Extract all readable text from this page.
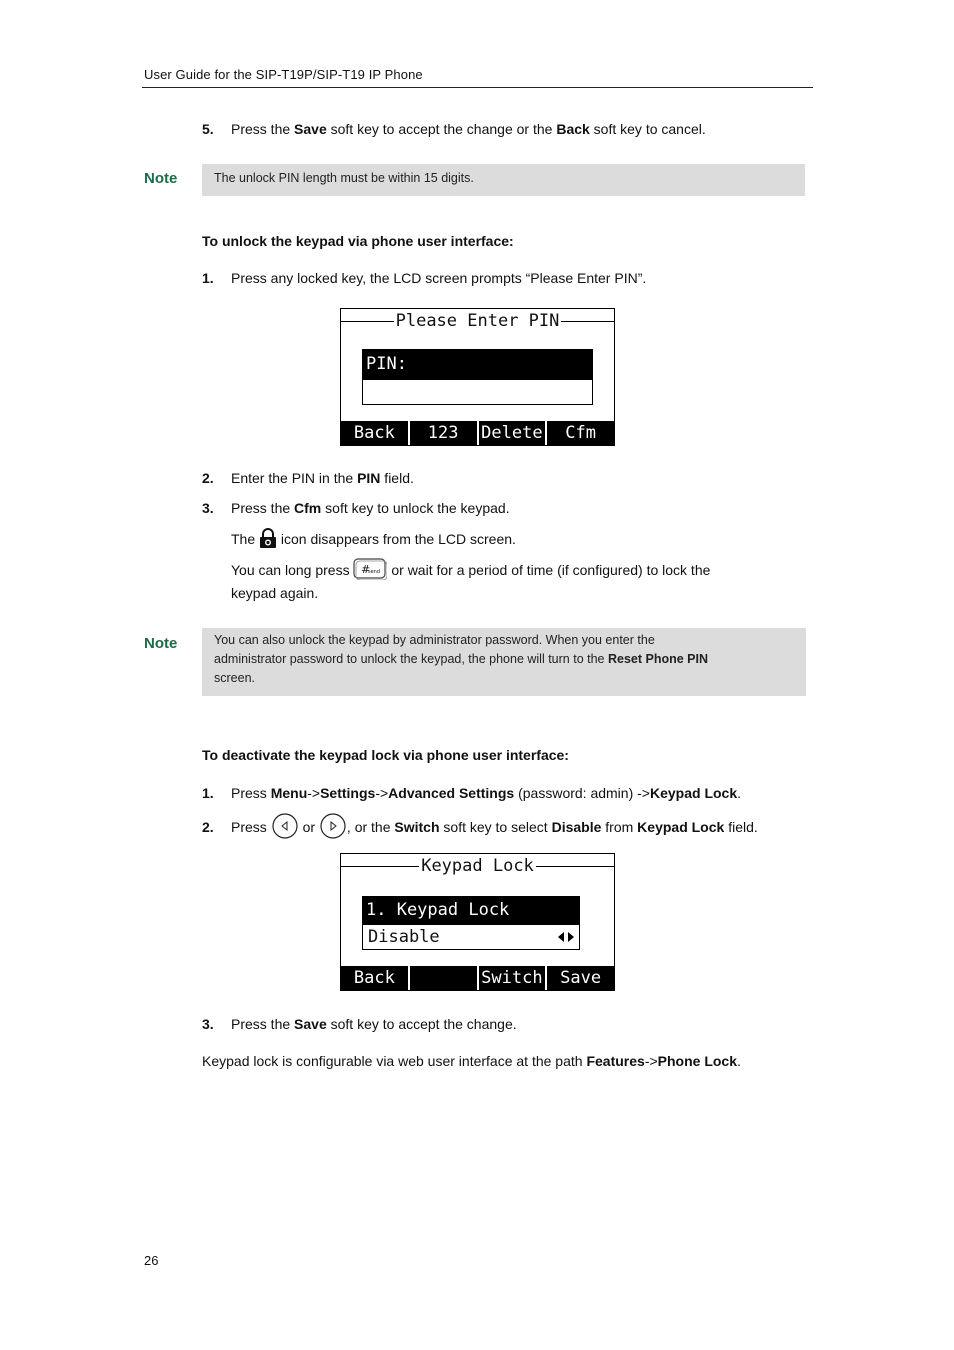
User Guide for the SIP-T19P/SIP-T19 IP Phone
5. Press the Save soft key to accept the change or the Back soft key to cancel.
Note	The unlock PIN length must be within 15 digits.
To unlock the keypad via phone user interface:
1. Press any locked key, the LCD screen prompts “Please Enter PIN”.
Please Enter PIN
PIN:
Back	123	Delete	Cfm
2. Enter the PIN in the PIN field.
3. Press the Cfm soft key to unlock the keypad.
The  icon disappears from the LCD screen.
You can long press #
send or wait for a period of time (if configured) to lock the
keypad again.
Note	You can also unlock the keypad by administrator password. When you enter the
administrator password to unlock the keypad, the phone will turn to the Reset Phone PIN
screen.
To deactivate the keypad lock via phone user interface:
1. Press Menu->Settings->Advanced Settings (password: admin) ->Keypad Lock.
2. Press  or , or the Switch soft key to select Disable from Keypad Lock field.
Keypad Lock
1. Keypad Lock
Disable
Back	Switch	Save
3. Press the Save soft key to accept the change.
Keypad lock is configurable via web user interface at the path Features->Phone Lock.
26
